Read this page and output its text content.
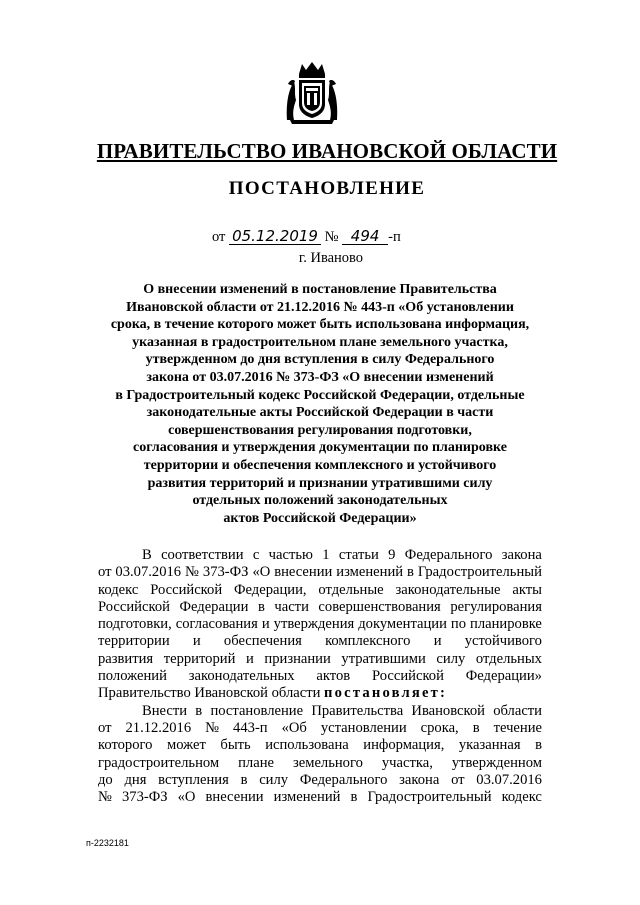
ПРАВИТЕЛЬСТВО ИВАНОВСКОЙ ОБЛАСТИ
ПОСТАНОВЛЕНИЕ
от 05.12.2019 № 494 -п
г. Иваново
О внесении изменений в постановление Правительства
Ивановской области от 21.12.2016 № 443-п «Об установлении
срока, в течение которого может быть использована информация,
указанная в градостроительном плане земельного участка,
утвержденном до дня вступления в силу Федерального
закона от 03.07.2016 № 373-ФЗ «О внесении изменений
в Градостроительный кодекс Российской Федерации, отдельные
законодательные акты Российской Федерации в части
совершенствования регулирования подготовки,
согласования и утверждения документации по планировке
территории и обеспечения комплексного и устойчивого
развития территорий и признании утратившими силу
отдельных положений законодательных
актов Российской Федерации»
В соответствии с частью 1 статьи 9 Федерального закона
от 03.07.2016 № 373-ФЗ «О внесении изменений в Градостроительный
кодекс Российской Федерации, отдельные законодательные акты
Российской Федерации в части совершенствования регулирования
подготовки, согласования и утверждения документации по планировке
территории и обеспечения комплексного и устойчивого
развития территорий и признании утратившими силу отдельных
положений законодательных актов Российской Федерации»
Правительство Ивановской области постановляет:
Внести в постановление Правительства Ивановской области
от 21.12.2016 № 443-п «Об установлении срока, в течение
которого может быть использована информация, указанная в
градостроительном плане земельного участка, утвержденном
до дня вступления в силу Федерального закона от 03.07.2016
№ 373-ФЗ «О внесении изменений в Градостроительный кодекс
п-2232181
